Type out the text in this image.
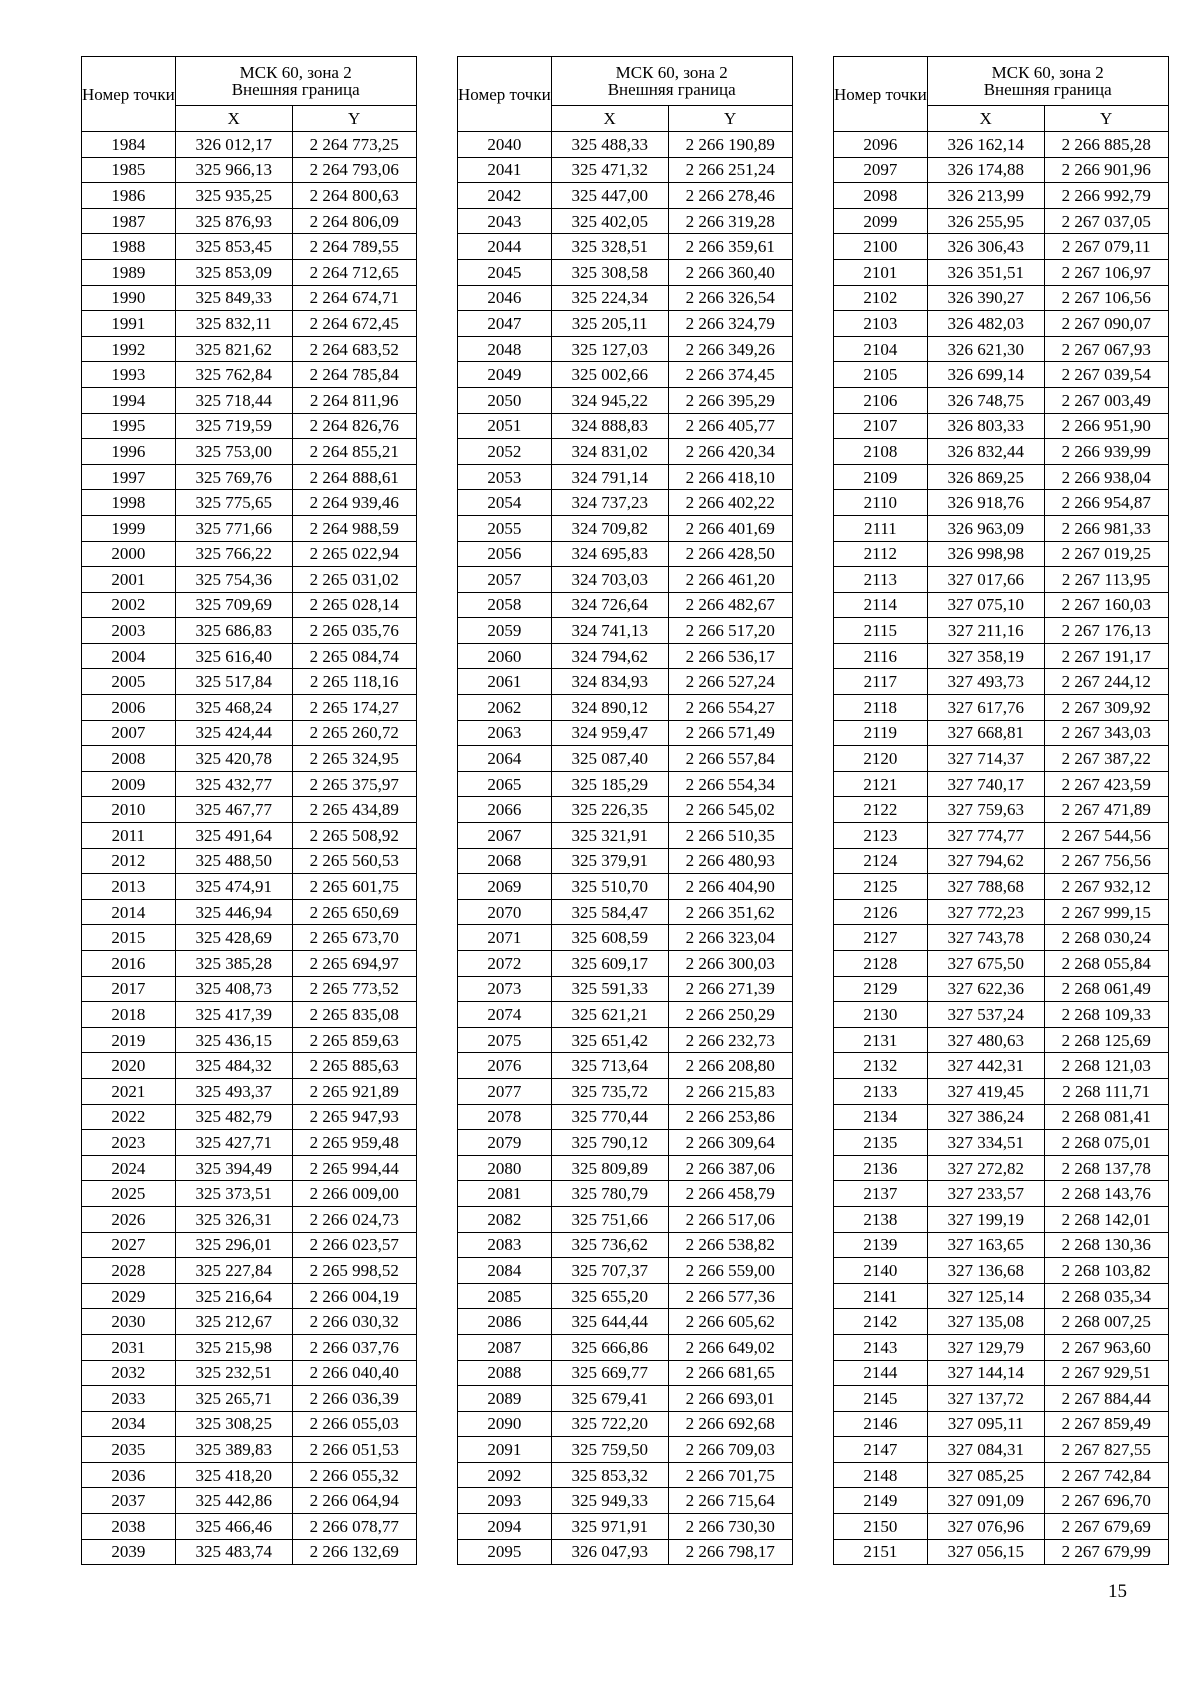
Номер точки	МСК 60, зона 2
Внешняя граница	
	X	Y
1984	326 012,17	2 264 773,25
1985	325 966,13	2 264 793,06
1986	325 935,25	2 264 800,63
1987	325 876,93	2 264 806,09
1988	325 853,45	2 264 789,55
1989	325 853,09	2 264 712,65
1990	325 849,33	2 264 674,71
1991	325 832,11	2 264 672,45
1992	325 821,62	2 264 683,52
1993	325 762,84	2 264 785,84
1994	325 718,44	2 264 811,96
1995	325 719,59	2 264 826,76
1996	325 753,00	2 264 855,21
1997	325 769,76	2 264 888,61
1998	325 775,65	2 264 939,46
1999	325 771,66	2 264 988,59
2000	325 766,22	2 265 022,94
2001	325 754,36	2 265 031,02
2002	325 709,69	2 265 028,14
2003	325 686,83	2 265 035,76
2004	325 616,40	2 265 084,74
2005	325 517,84	2 265 118,16
2006	325 468,24	2 265 174,27
2007	325 424,44	2 265 260,72
2008	325 420,78	2 265 324,95
2009	325 432,77	2 265 375,97
2010	325 467,77	2 265 434,89
2011	325 491,64	2 265 508,92
2012	325 488,50	2 265 560,53
2013	325 474,91	2 265 601,75
2014	325 446,94	2 265 650,69
2015	325 428,69	2 265 673,70
2016	325 385,28	2 265 694,97
2017	325 408,73	2 265 773,52
2018	325 417,39	2 265 835,08
2019	325 436,15	2 265 859,63
2020	325 484,32	2 265 885,63
2021	325 493,37	2 265 921,89
2022	325 482,79	2 265 947,93
2023	325 427,71	2 265 959,48
2024	325 394,49	2 265 994,44
2025	325 373,51	2 266 009,00
2026	325 326,31	2 266 024,73
2027	325 296,01	2 266 023,57
2028	325 227,84	2 265 998,52
2029	325 216,64	2 266 004,19
2030	325 212,67	2 266 030,32
2031	325 215,98	2 266 037,76
2032	325 232,51	2 266 040,40
2033	325 265,71	2 266 036,39
2034	325 308,25	2 266 055,03
2035	325 389,83	2 266 051,53
2036	325 418,20	2 266 055,32
2037	325 442,86	2 266 064,94
2038	325 466,46	2 266 078,77
2039	325 483,74	2 266 132,69
Номер точки	МСК 60, зона 2
Внешняя граница	
	X	Y
2040	325 488,33	2 266 190,89
2041	325 471,32	2 266 251,24
2042	325 447,00	2 266 278,46
2043	325 402,05	2 266 319,28
2044	325 328,51	2 266 359,61
2045	325 308,58	2 266 360,40
2046	325 224,34	2 266 326,54
2047	325 205,11	2 266 324,79
2048	325 127,03	2 266 349,26
2049	325 002,66	2 266 374,45
2050	324 945,22	2 266 395,29
2051	324 888,83	2 266 405,77
2052	324 831,02	2 266 420,34
2053	324 791,14	2 266 418,10
2054	324 737,23	2 266 402,22
2055	324 709,82	2 266 401,69
2056	324 695,83	2 266 428,50
2057	324 703,03	2 266 461,20
2058	324 726,64	2 266 482,67
2059	324 741,13	2 266 517,20
2060	324 794,62	2 266 536,17
2061	324 834,93	2 266 527,24
2062	324 890,12	2 266 554,27
2063	324 959,47	2 266 571,49
2064	325 087,40	2 266 557,84
2065	325 185,29	2 266 554,34
2066	325 226,35	2 266 545,02
2067	325 321,91	2 266 510,35
2068	325 379,91	2 266 480,93
2069	325 510,70	2 266 404,90
2070	325 584,47	2 266 351,62
2071	325 608,59	2 266 323,04
2072	325 609,17	2 266 300,03
2073	325 591,33	2 266 271,39
2074	325 621,21	2 266 250,29
2075	325 651,42	2 266 232,73
2076	325 713,64	2 266 208,80
2077	325 735,72	2 266 215,83
2078	325 770,44	2 266 253,86
2079	325 790,12	2 266 309,64
2080	325 809,89	2 266 387,06
2081	325 780,79	2 266 458,79
2082	325 751,66	2 266 517,06
2083	325 736,62	2 266 538,82
2084	325 707,37	2 266 559,00
2085	325 655,20	2 266 577,36
2086	325 644,44	2 266 605,62
2087	325 666,86	2 266 649,02
2088	325 669,77	2 266 681,65
2089	325 679,41	2 266 693,01
2090	325 722,20	2 266 692,68
2091	325 759,50	2 266 709,03
2092	325 853,32	2 266 701,75
2093	325 949,33	2 266 715,64
2094	325 971,91	2 266 730,30
2095	326 047,93	2 266 798,17
Номер точки	МСК 60, зона 2
Внешняя граница	
	X	Y
2096	326 162,14	2 266 885,28
2097	326 174,88	2 266 901,96
2098	326 213,99	2 266 992,79
2099	326 255,95	2 267 037,05
2100	326 306,43	2 267 079,11
2101	326 351,51	2 267 106,97
2102	326 390,27	2 267 106,56
2103	326 482,03	2 267 090,07
2104	326 621,30	2 267 067,93
2105	326 699,14	2 267 039,54
2106	326 748,75	2 267 003,49
2107	326 803,33	2 266 951,90
2108	326 832,44	2 266 939,99
2109	326 869,25	2 266 938,04
2110	326 918,76	2 266 954,87
2111	326 963,09	2 266 981,33
2112	326 998,98	2 267 019,25
2113	327 017,66	2 267 113,95
2114	327 075,10	2 267 160,03
2115	327 211,16	2 267 176,13
2116	327 358,19	2 267 191,17
2117	327 493,73	2 267 244,12
2118	327 617,76	2 267 309,92
2119	327 668,81	2 267 343,03
2120	327 714,37	2 267 387,22
2121	327 740,17	2 267 423,59
2122	327 759,63	2 267 471,89
2123	327 774,77	2 267 544,56
2124	327 794,62	2 267 756,56
2125	327 788,68	2 267 932,12
2126	327 772,23	2 267 999,15
2127	327 743,78	2 268 030,24
2128	327 675,50	2 268 055,84
2129	327 622,36	2 268 061,49
2130	327 537,24	2 268 109,33
2131	327 480,63	2 268 125,69
2132	327 442,31	2 268 121,03
2133	327 419,45	2 268 111,71
2134	327 386,24	2 268 081,41
2135	327 334,51	2 268 075,01
2136	327 272,82	2 268 137,78
2137	327 233,57	2 268 143,76
2138	327 199,19	2 268 142,01
2139	327 163,65	2 268 130,36
2140	327 136,68	2 268 103,82
2141	327 125,14	2 268 035,34
2142	327 135,08	2 268 007,25
2143	327 129,79	2 267 963,60
2144	327 144,14	2 267 929,51
2145	327 137,72	2 267 884,44
2146	327 095,11	2 267 859,49
2147	327 084,31	2 267 827,55
2148	327 085,25	2 267 742,84
2149	327 091,09	2 267 696,70
2150	327 076,96	2 267 679,69
2151	327 056,15	2 267 679,99
15
